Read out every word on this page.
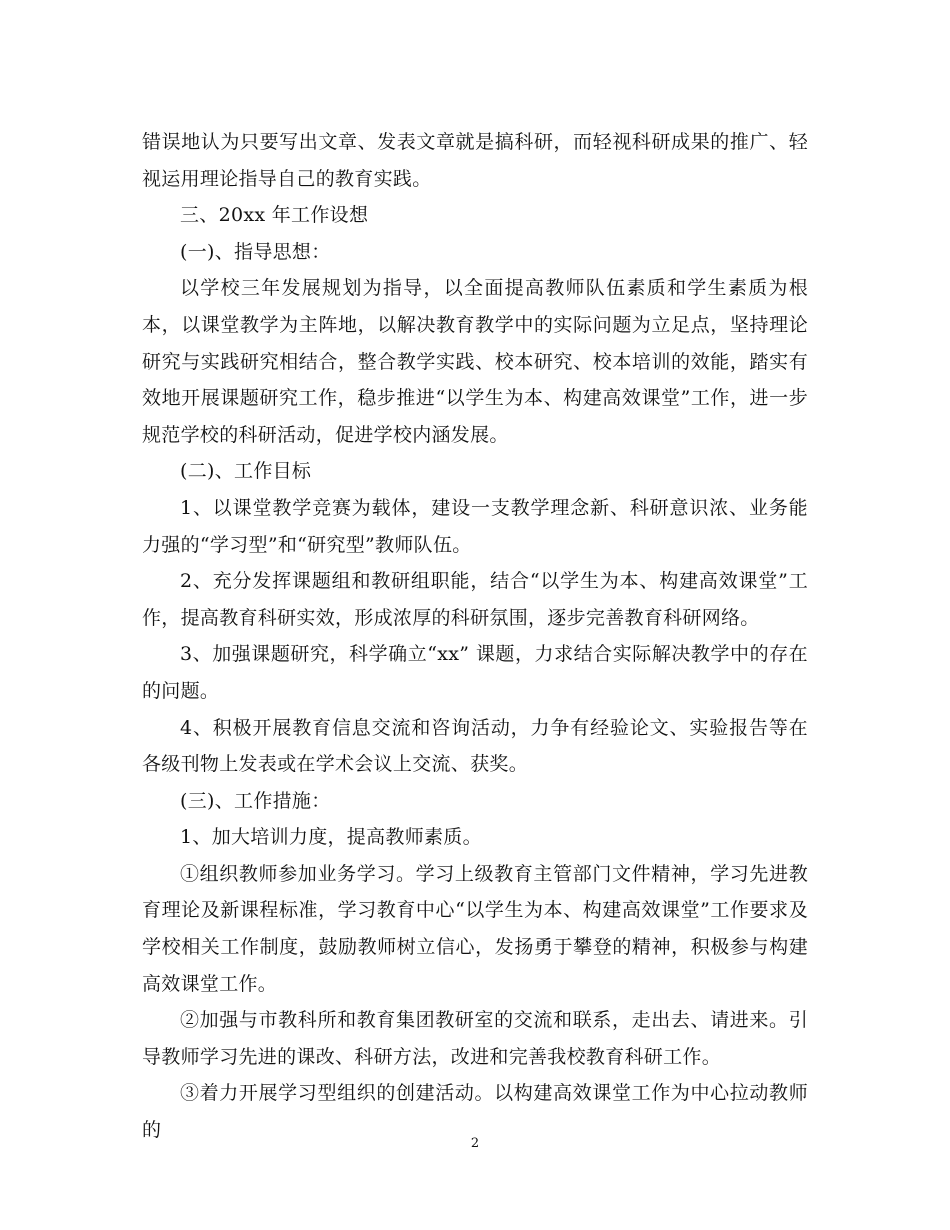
错误地认为只要写出文章、发表文章就是搞科研，而轻视科研成果的推广、轻视运用理论指导自己的教育实践。

三、20xx 年工作设想

(一)、指导思想：

以学校三年发展规划为指导，以全面提高教师队伍素质和学生素质为根本，以课堂教学为主阵地，以解决教育教学中的实际问题为立足点，坚持理论研究与实践研究相结合，整合教学实践、校本研究、校本培训的效能，踏实有效地开展课题研究工作，稳步推进“以学生为本、构建高效课堂”工作，进一步规范学校的科研活动，促进学校内涵发展。

(二)、工作目标

1、以课堂教学竞赛为载体，建设一支教学理念新、科研意识浓、业务能力强的“学习型”和“研究型”教师队伍。

2、充分发挥课题组和教研组职能，结合“以学生为本、构建高效课堂”工作，提高教育科研实效，形成浓厚的科研氛围，逐步完善教育科研网络。

3、加强课题研究，科学确立“xx” 课题，力求结合实际解决教学中的存在的问题。

4、积极开展教育信息交流和咨询活动，力争有经验论文、实验报告等在各级刊物上发表或在学术会议上交流、获奖。

(三)、工作措施：

1、加大培训力度，提高教师素质。

①组织教师参加业务学习。学习上级教育主管部门文件精神，学习先进教育理论及新课程标准，学习教育中心“以学生为本、构建高效课堂”工作要求及学校相关工作制度，鼓励教师树立信心，发扬勇于攀登的精神，积极参与构建高效课堂工作。

②加强与市教科所和教育集团教研室的交流和联系，走出去、请进来。引导教师学习先进的课改、科研方法，改进和完善我校教育科研工作。

③着力开展学习型组织的创建活动。以构建高效课堂工作为中心拉动教师的

2
